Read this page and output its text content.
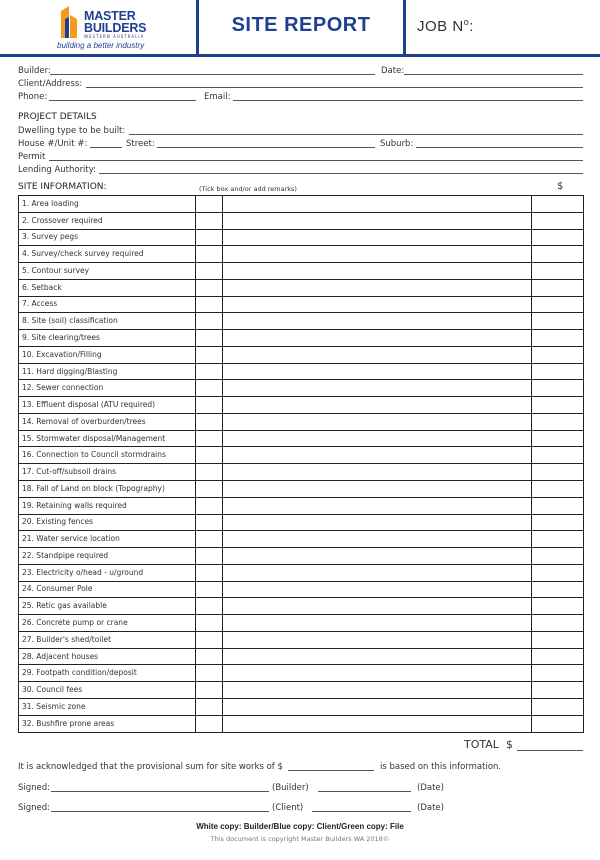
MASTER
BUILDERS
WESTERN AUSTRALIA
building a better industry
SITE REPORT	JOB $N^o$:
Builder:	Date:
Client/Address:
Phone:	Email:
PROJECT DETAILS
Dwelling type to be built:
House #/Unit #:	Street:	Suburb:
Permit
Lending Authority:
SITE INFORMATION:	(Tick box and/or add remarks)	$
1. Area loading			
2. Crossover required			
3. Survey pegs			
4. Survey/check survey required			
5. Contour survey			
6. Setback			
7. Access			
8. Site (soil) classification			
9. Site clearing/trees			
10. Excavation/Filling			
11. Hard digging/Blasting			
12. Sewer connection			
13. Effluent disposal (ATU required)			
14. Removal of overburden/trees			
15. Stormwater disposal/Management			
16. Connection to Council stormdrains			
17. Cut-off/subsoil drains			
18. Fall of Land on block (Topography)			
19. Retaining walls required			
20. Existing fences			
21. Water service location			
22. Standpipe required			
23. Electricity o/head - u/ground			
24. Consumer Pole			
25. Retic gas available			
26. Concrete pump or crane			
27. Builder's shed/toilet			
28. Adjacent houses			
29. Footpath condition/deposit			
30. Council fees			
31. Seismic zone			
32. Bushfire prone areas			
TOTAL $
It is acknowledged that the provisional sum for site works of $	is based on this information.
Signed:	(Builder)	(Date)
Signed:	(Client)	(Date)
White copy: Builder/Blue copy: Client/Green copy: File
This document is copyright Master Builders WA 2018©
